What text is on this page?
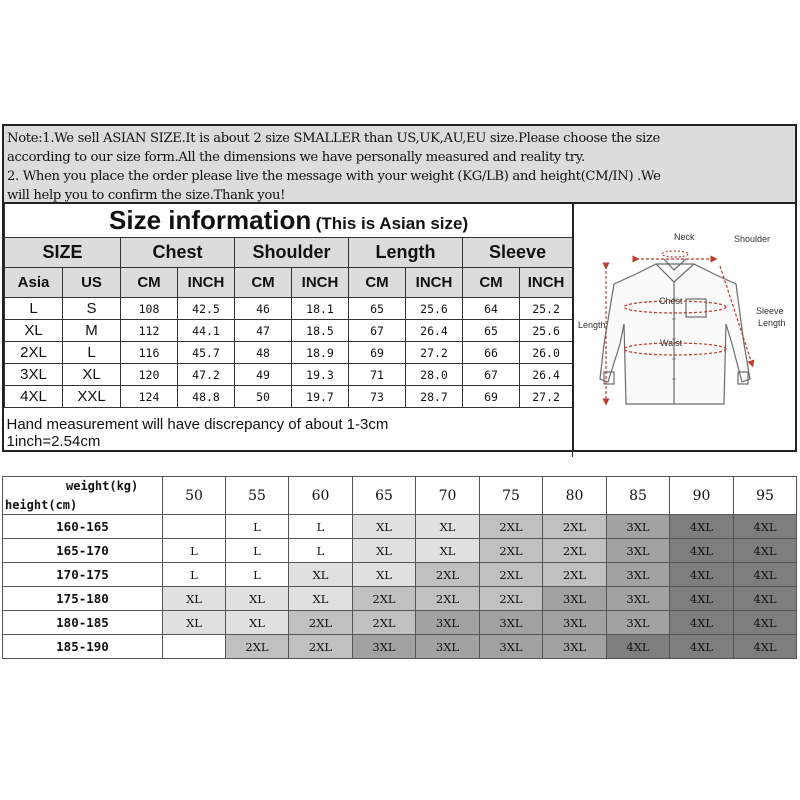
Note:1.We sell ASIAN SIZE.It is about 2 size SMALLER than US,UK,AU,EU size.Please choose the size
according to our size form.All the dimensions we have personally measured and reality try.
2. When you place the order please live the message with your weight (KG/LB) and height(CM/IN) .We
will help you to confirm the size.Thank you!
Size information (This is Asian size)									
SIZE		Chest		Shoulder		Length		Sleeve	
Asia	US	CM	INCH	CM	INCH	CM	INCH	CM	INCH
L	S	108	42.5	46	18.1	65	25.6	64	25.2
XL	M	112	44.1	47	18.5	67	26.4	65	25.6
2XL	L	116	45.7	48	18.9	69	27.2	66	26.0
3XL	XL	120	47.2	49	19.3	71	28.0	67	26.4
4XL	XXL	124	48.8	50	19.7	73	28.7	69	27.2
Hand measurement will have discrepancy of about 1-3cm									
1inch=2.54cm									
Neck	Shoulder
Chest
Length
Sleeve
Length
Waist
weight(kg)
height(cm)	50	55	60	65	70	75	80	85	90	95
160-165		L	L	XL	XL	2XL	2XL	3XL	4XL	4XL
165-170	L	L	L	XL	XL	2XL	2XL	3XL	4XL	4XL
170-175	L	L	XL	XL	2XL	2XL	2XL	3XL	4XL	4XL
175-180	XL	XL	XL	2XL	2XL	2XL	3XL	3XL	4XL	4XL
180-185	XL	XL	2XL	2XL	3XL	3XL	3XL	3XL	4XL	4XL
185-190		2XL	2XL	3XL	3XL	3XL	3XL	4XL	4XL	4XL
